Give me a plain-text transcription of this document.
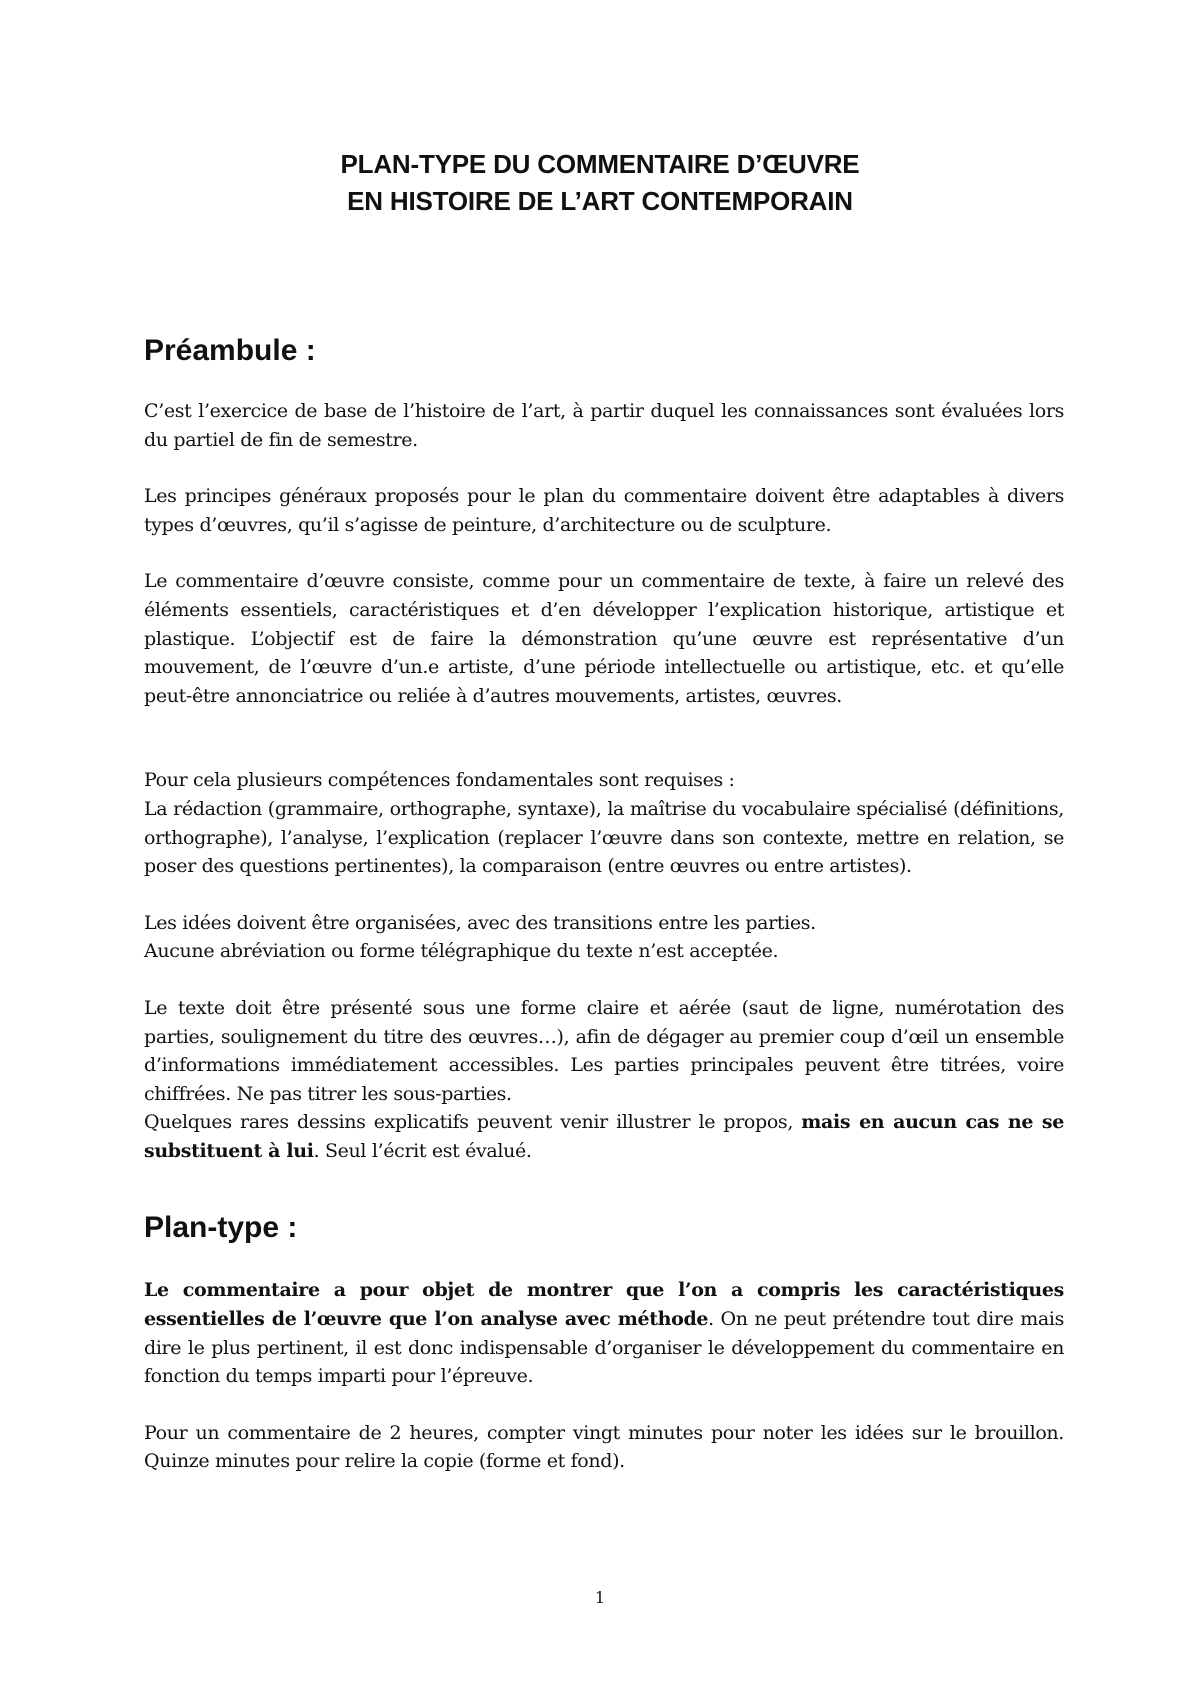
PLAN-TYPE DU COMMENTAIRE D’ŒUVRE
EN HISTOIRE DE L’ART CONTEMPORAIN
Préambule :

C’est l’exercice de base de l’histoire de l’art, à partir duquel les connaissances sont évaluées lors du partiel de fin de semestre.

Les principes généraux proposés pour le plan du commentaire doivent être adaptables à divers types d’œuvres, qu’il s’agisse de peinture, d’architecture ou de sculpture.

Le commentaire d’œuvre consiste, comme pour un commentaire de texte, à faire un relevé des éléments essentiels, caractéristiques et d’en développer l’explication historique, artistique et plastique. L’objectif est de faire la démonstration qu’une œuvre est représentative d’un mouvement, de l’œuvre d’un.e artiste, d’une période intellectuelle ou artistique, etc. et qu’elle peut-être annonciatrice ou reliée à d’autres mouvements, artistes, œuvres.

Pour cela plusieurs compétences fondamentales sont requises :

La rédaction (grammaire, orthographe, syntaxe), la maîtrise du vocabulaire spécialisé (définitions, orthographe), l’analyse, l’explication (replacer l’œuvre dans son contexte, mettre en relation, se poser des questions pertinentes), la comparaison (entre œuvres ou entre artistes).

Les idées doivent être organisées, avec des transitions entre les parties.

Aucune abréviation ou forme télégraphique du texte n’est acceptée.

Le texte doit être présenté sous une forme claire et aérée (saut de ligne, numérotation des parties, soulignement du titre des œuvres…), afin de dégager au premier coup d’œil un ensemble d’informations immédiatement accessibles. Les parties principales peuvent être titrées, voire chiffrées. Ne pas titrer les sous-parties.

Quelques rares dessins explicatifs peuvent venir illustrer le propos, mais en aucun cas ne se substituent à lui. Seul l’écrit est évalué.

Plan-type :

Le commentaire a pour objet de montrer que l’on a compris les caractéristiques essentielles de l’œuvre que l’on analyse avec méthode. On ne peut prétendre tout dire mais dire le plus pertinent, il est donc indispensable d’organiser le développement du commentaire en fonction du temps imparti pour l’épreuve.

Pour un commentaire de 2 heures, compter vingt minutes pour noter les idées sur le brouillon. Quinze minutes pour relire la copie (forme et fond).

1
